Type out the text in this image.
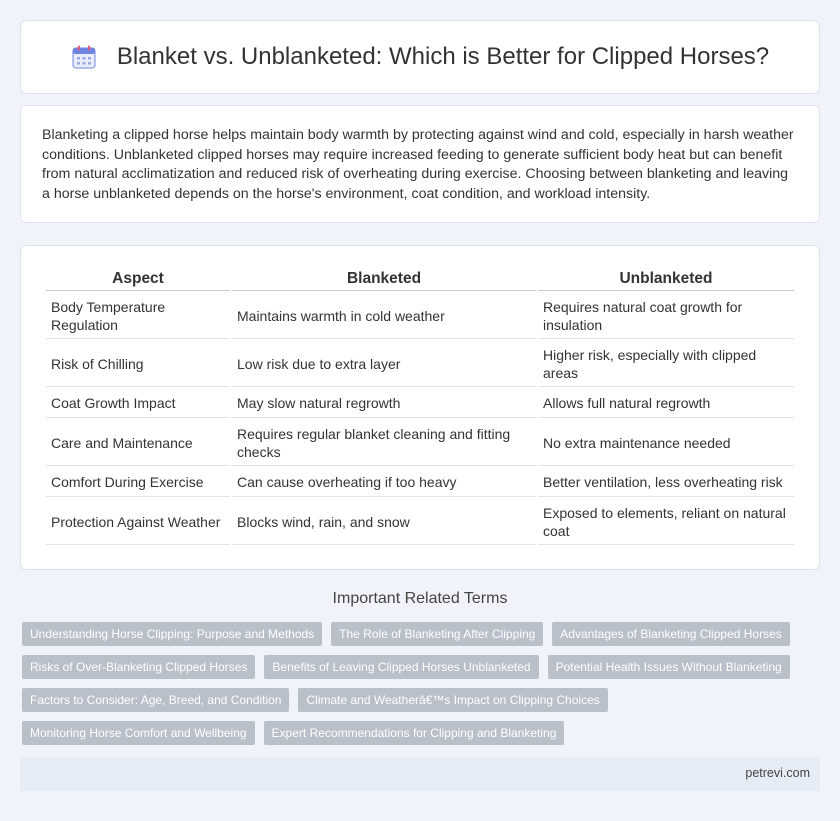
Blanket vs. Unblanketed: Which is Better for Clipped Horses?

Blanketing a clipped horse helps maintain body warmth by protecting against wind and cold, especially in harsh weather conditions. Unblanketed clipped horses may require increased feeding to generate sufficient body heat but can benefit from natural acclimatization and reduced risk of overheating during exercise. Choosing between blanketing and leaving a horse unblanketed depends on the horse's environment, coat condition, and workload intensity.

Aspect	Blanketed	Unblanketed
Body Temperature Regulation	Maintains warmth in cold weather	Requires natural coat growth for insulation
Risk of Chilling	Low risk due to extra layer	Higher risk, especially with clipped areas
Coat Growth Impact	May slow natural regrowth	Allows full natural regrowth
Care and Maintenance	Requires regular blanket cleaning and fitting checks	No extra maintenance needed
Comfort During Exercise	Can cause overheating if too heavy	Better ventilation, less overheating risk
Protection Against Weather	Blocks wind, rain, and snow	Exposed to elements, reliant on natural coat
Important Related Terms
Understanding Horse Clipping: Purpose and Methods	The Role of Blanketing After Clipping	Advantages of Blanketing Clipped Horses
Risks of Over-Blanketing Clipped Horses	Benefits of Leaving Clipped Horses Unblanketed	Potential Health Issues Without Blanketing
Factors to Consider: Age, Breed, and Condition	Climate and Weatherâ€™s Impact on Clipping Choices
Monitoring Horse Comfort and Wellbeing	Expert Recommendations for Clipping and Blanketing
petrevi.com
